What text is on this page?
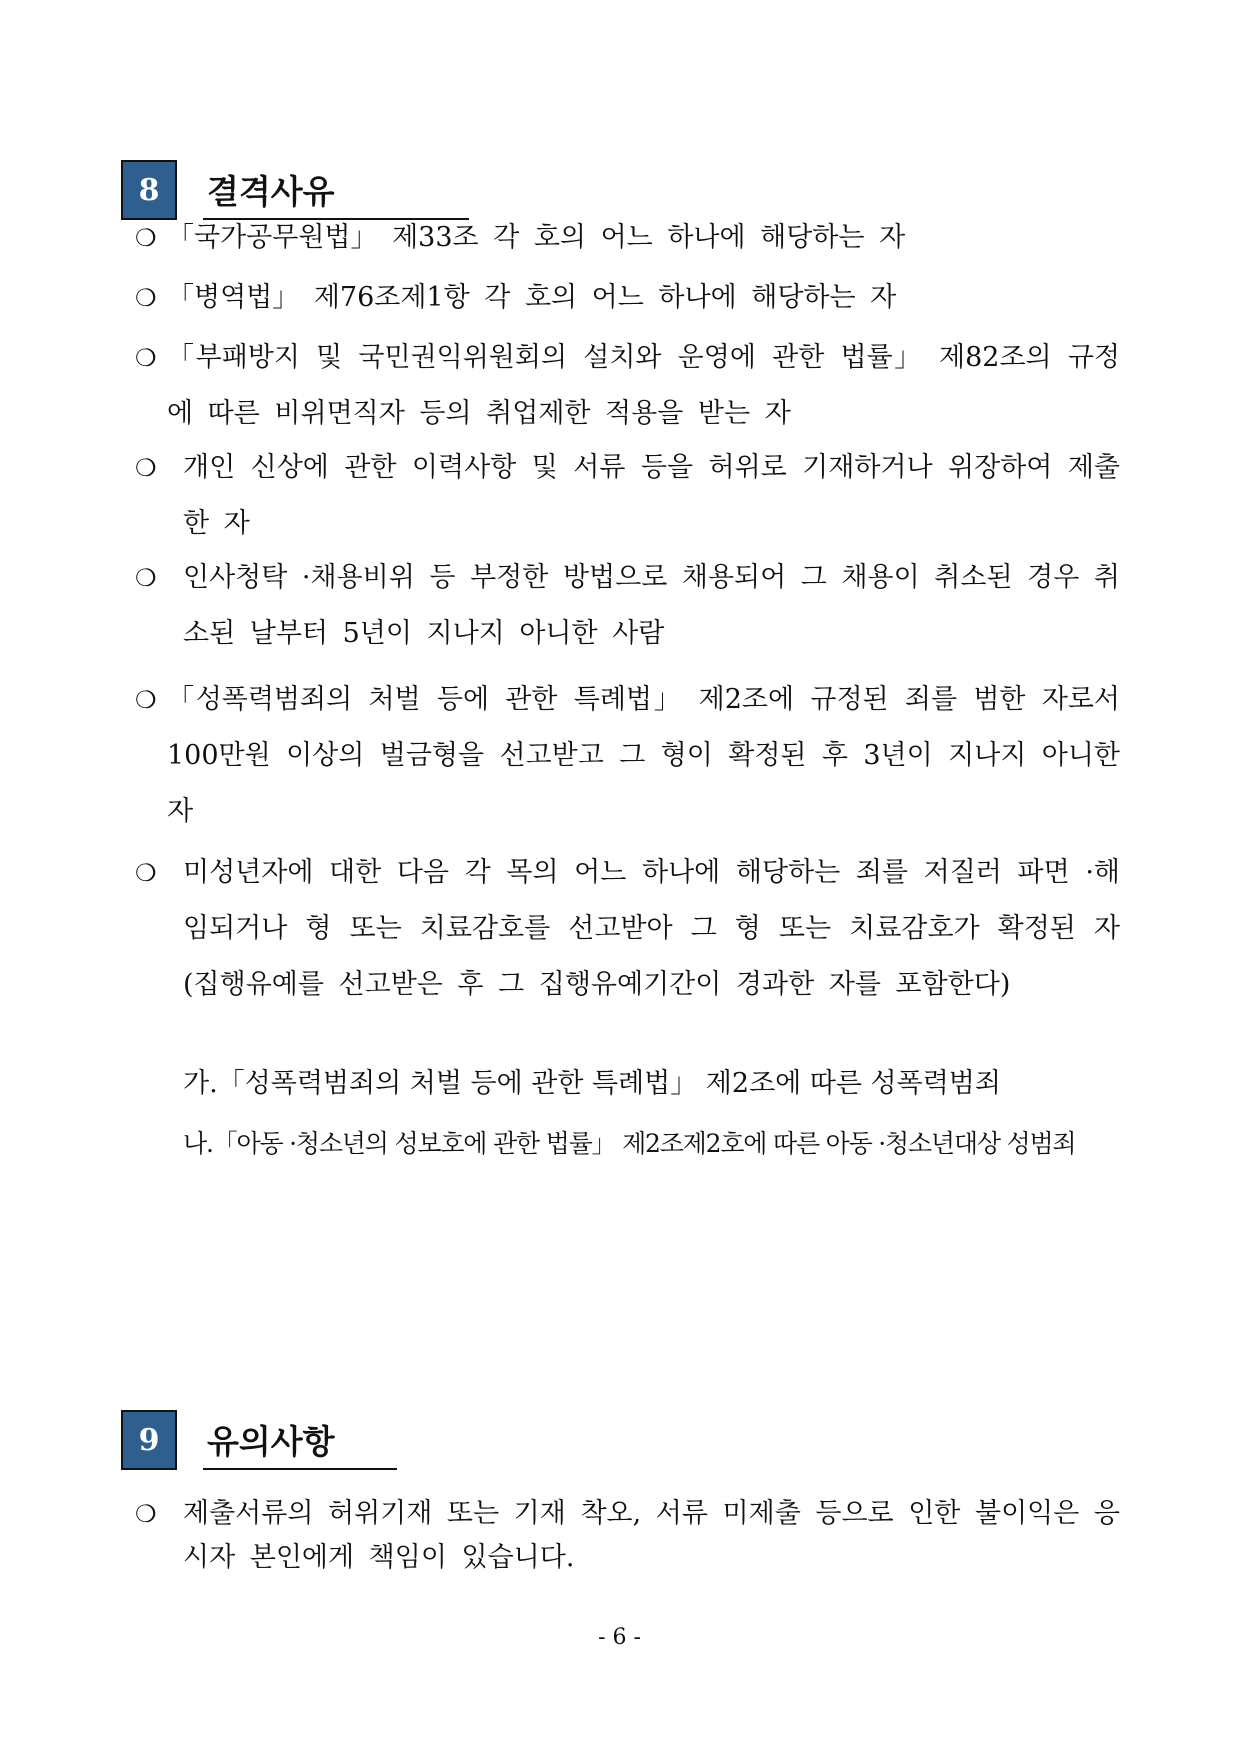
8	결격사유
❍ 「국가공무원법」 제33조 각 호의 어느 하나에 해당하는 자
❍ 「병역법」 제76조제1항 각 호의 어느 하나에 해당하는 자
❍ 「부패방지 및 국민권익위원회의 설치와 운영에 관한 법률」 제82조의 규정에 따른 비위면직자 등의 취업제한 적용을 받는 자
❍ 개인 신상에 관한 이력사항 및 서류 등을 허위로 기재하거나 위장하여 제출한 자
❍ 인사청탁 ·채용비위 등 부정한 방법으로 채용되어 그 채용이 취소된 경우 취소된 날부터 5년이 지나지 아니한 사람
❍ 「성폭력범죄의 처벌 등에 관한 특례법」 제2조에 규정된 죄를 범한 자로서 100만원 이상의 벌금형을 선고받고 그 형이 확정된 후 3년이 지나지 아니한 자
❍ 미성년자에 대한 다음 각 목의 어느 하나에 해당하는 죄를 저질러 파면 ·해임되거나 형 또는 치료감호를 선고받아 그 형 또는 치료감호가 확정된 자(집행유예를 선고받은 후 그 집행유예기간이 경과한 자를 포함한다)
가.「성폭력범죄의 처벌 등에 관한 특례법」 제2조에 따른 성폭력범죄
나.「아동 ·청소년의 성보호에 관한 법률」 제2조제2호에 따른 아동 ·청소년대상 성범죄
9	유의사항
❍ 제출서류의 허위기재 또는 기재 착오, 서류 미제출 등으로 인한 불이익은 응시자 본인에게 책임이 있습니다.
- 6 -
